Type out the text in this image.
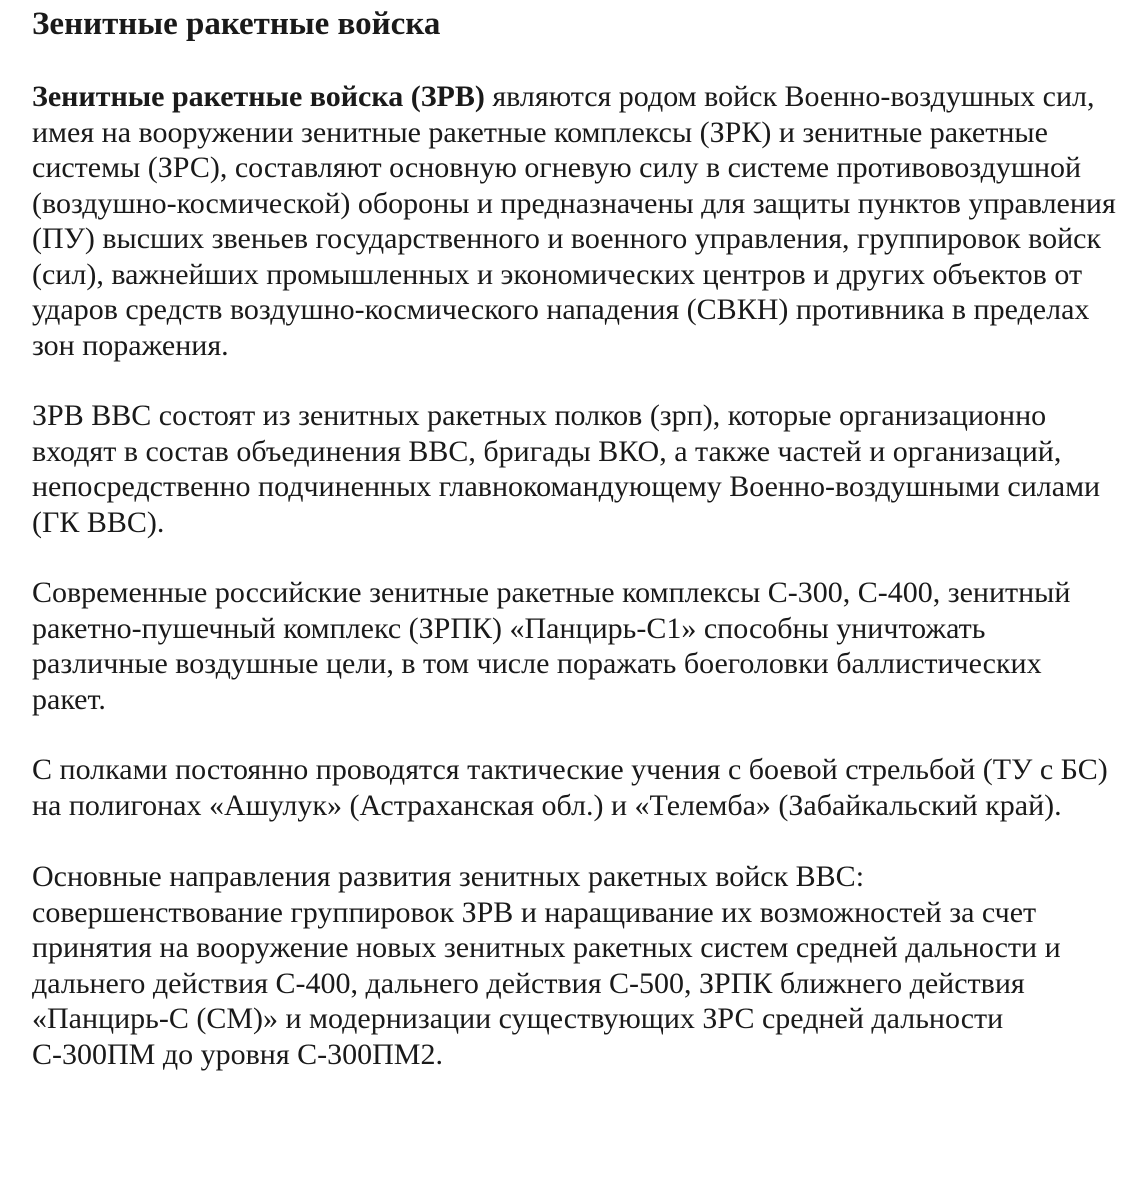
Зенитные ракетные войска

Зенитные ракетные войска (ЗРВ) являются родом войск Военно-воздушных сил, имея на вооружении зенитные ракетные комплексы (ЗРК) и зенитные ракетные системы (ЗРС), составляют основную огневую силу в системе противовоздушной (воздушно-космической) обороны и предназначены для защиты пунктов управления (ПУ) высших звеньев государственного и военного управления, группировок войск (сил), важнейших промышленных и экономических центров и других объектов от ударов средств воздушно-космического нападения (СВКН) противника в пределах зон поражения.

ЗРВ ВВС состоят из зенитных ракетных полков (зрп), которые организационно входят в состав объединения ВВС, бригады ВКО, а также частей и организаций, непосредственно подчиненных главнокомандующему Военно-воздушными силами (ГК ВВС).

Современные российские зенитные ракетные комплексы С-300, С-400, зенитный ракетно-пушечный комплекс (ЗРПК) «Панцирь-С1» способны уничтожать различные воздушные цели, в том числе поражать боеголовки баллистических ракет.

С полками постоянно проводятся тактические учения с боевой стрельбой (ТУ с БС) на полигонах «Ашулук» (Астраханская обл.) и «Телемба» (Забайкальский край).

Основные направления развития зенитных ракетных войск ВВС: совершенствование группировок ЗРВ и наращивание их возможностей за счет принятия на вооружение новых зенитных ракетных систем средней дальности и дальнего действия С-400, дальнего действия С-500, ЗРПК ближнего действия «Панцирь-С (СМ)» и модернизации существующих ЗРС средней дальности С-300ПМ до уровня С-300ПМ2.
